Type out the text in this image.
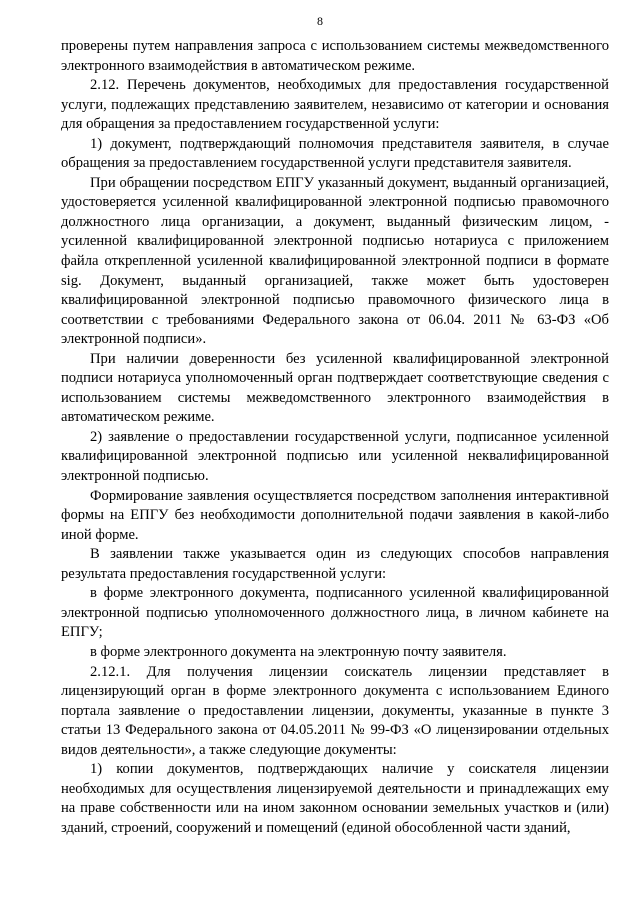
8

проверены путем направления запроса с использованием системы межведомственного электронного взаимодействия в автоматическом режиме.

2.12. Перечень документов, необходимых для предоставления государственной услуги, подлежащих представлению заявителем, независимо от категории и основания для обращения за предоставлением государственной услуги:

1) документ, подтверждающий полномочия представителя заявителя, в случае обращения за предоставлением государственной услуги представителя заявителя.

При обращении посредством ЕПГУ указанный документ, выданный организацией, удостоверяется усиленной квалифицированной электронной подписью правомочного должностного лица организации, а документ, выданный физическим лицом, - усиленной квалифицированной электронной подписью нотариуса с приложением файла открепленной усиленной квалифицированной электронной подписи в формате sig. Документ, выданный организацией, также может быть удостоверен квалифицированной электронной подписью правомочного физического лица в соответствии с требованиями Федерального закона от 06.04. 2011 № 63-ФЗ «Об электронной подписи».

При наличии доверенности без усиленной квалифицированной электронной подписи нотариуса уполномоченный орган подтверждает соответствующие сведения с использованием системы межведомственного электронного взаимодействия в автоматическом режиме.

2) заявление о предоставлении государственной услуги, подписанное усиленной квалифицированной электронной подписью или усиленной неквалифицированной электронной подписью.

Формирование заявления осуществляется посредством заполнения интерактивной формы на ЕПГУ без необходимости дополнительной подачи заявления в какой-либо иной форме.

В заявлении также указывается один из следующих способов направления результата предоставления государственной услуги:

в форме электронного документа, подписанного усиленной квалифицированной электронной подписью уполномоченного должностного лица, в личном кабинете на ЕПГУ;

в форме электронного документа на электронную почту заявителя.

2.12.1. Для получения лицензии соискатель лицензии представляет в лицензирующий орган в форме электронного документа с использованием Единого портала заявление о предоставлении лицензии, документы, указанные в пункте 3 статьи 13 Федерального закона от 04.05.2011 № 99-ФЗ «О лицензировании отдельных видов деятельности», а также следующие документы:

1) копии документов, подтверждающих наличие у соискателя лицензии необходимых для осуществления лицензируемой деятельности и принадлежащих ему на праве собственности или на ином законном основании земельных участков и (или) зданий, строений, сооружений и помещений (единой обособленной части зданий,
